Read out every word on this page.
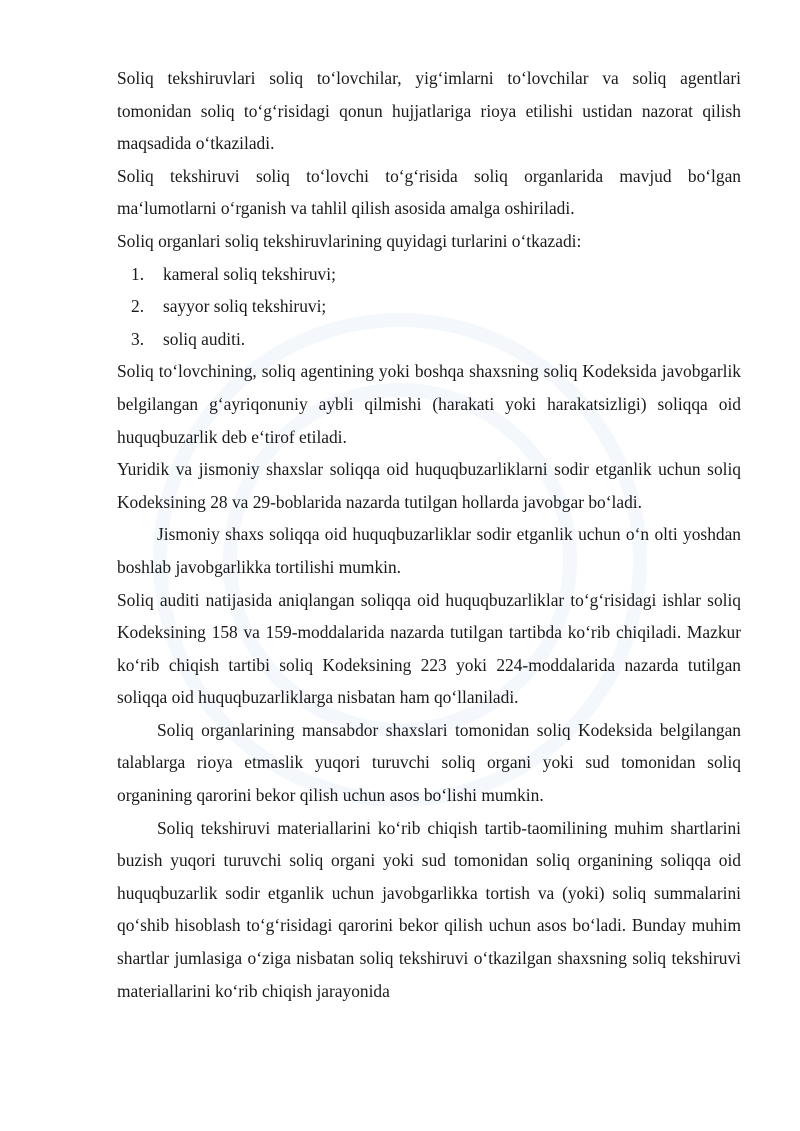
Soliq tekshiruvlari soliq to‘lovchilar, yig‘imlarni to‘lovchilar va soliq agentlari tomonidan soliq to‘g‘risidagi qonun hujjatlariga rioya etilishi ustidan nazorat qilish maqsadida o‘tkaziladi.

Soliq tekshiruvi soliq to‘lovchi to‘g‘risida soliq organlarida mavjud bo‘lgan ma‘lumotlarni o‘rganish va tahlil qilish asosida amalga oshiriladi.

Soliq organlari soliq tekshiruvlarining quyidagi turlarini o‘tkazadi:

1. kameral soliq tekshiruvi;
2. sayyor soliq tekshiruvi;
3. soliq auditi.

Soliq to‘lovchining, soliq agentining yoki boshqa shaxsning soliq Kodeksida javobgarlik belgilangan g‘ayriqonuniy aybli qilmishi (harakati yoki harakatsizligi) soliqqa oid huquqbuzarlik deb e‘tirof etiladi.

Yuridik va jismoniy shaxslar soliqqa oid huquqbuzarliklarni sodir etganlik uchun soliq Kodeksining 28 va 29-boblarida nazarda tutilgan hollarda javobgar bo‘ladi.

Jismoniy shaxs soliqqa oid huquqbuzarliklar sodir etganlik uchun o‘n olti yoshdan boshlab javobgarlikka tortilishi mumkin.

Soliq auditi natijasida aniqlangan soliqqa oid huquqbuzarliklar to‘g‘risidagi ishlar soliq Kodeksining 158 va 159-moddalarida nazarda tutilgan tartibda ko‘rib chiqiladi. Mazkur ko‘rib chiqish tartibi soliq Kodeksining 223 yoki 224-moddalarida nazarda tutilgan soliqqa oid huquqbuzarliklarga nisbatan ham qo‘llaniladi.

Soliq organlarining mansabdor shaxslari tomonidan soliq Kodeksida belgilangan talablarga rioya etmaslik yuqori turuvchi soliq organi yoki sud tomonidan soliq organining qarorini bekor qilish uchun asos bo‘lishi mumkin.

Soliq tekshiruvi materiallarini ko‘rib chiqish tartib-taomilining muhim shartlarini buzish yuqori turuvchi soliq organi yoki sud tomonidan soliq organining soliqqa oid huquqbuzarlik sodir etganlik uchun javobgarlikka tortish va (yoki) soliq summalarini qo‘shib hisoblash to‘g‘risidagi qarorini bekor qilish uchun asos bo‘ladi. Bunday muhim shartlar jumlasiga o‘ziga nisbatan soliq tekshiruvi o‘tkazilgan shaxsning soliq tekshiruvi materiallarini ko‘rib chiqish jarayonida
